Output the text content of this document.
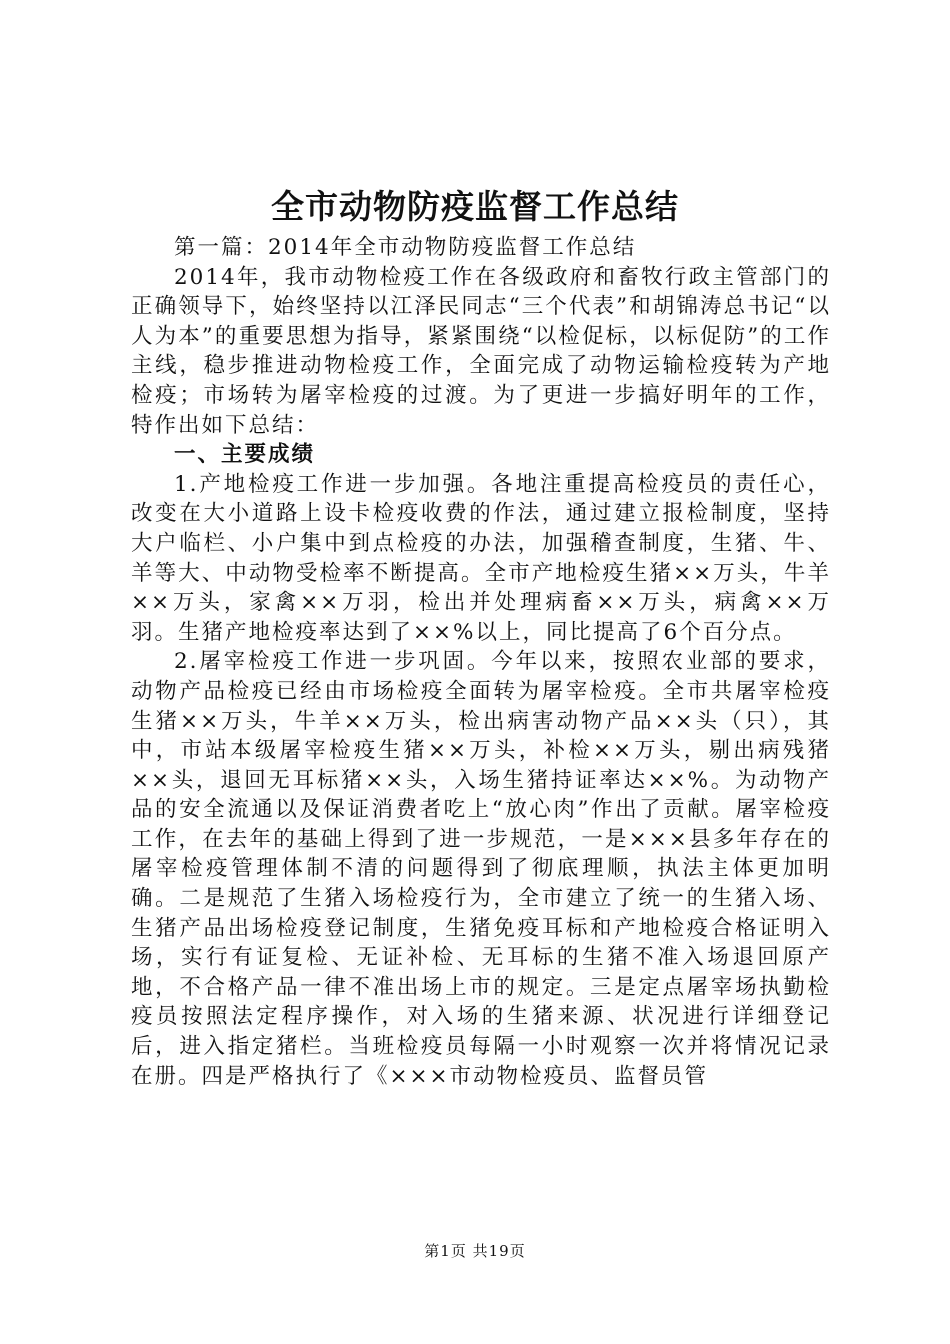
全市动物防疫监督工作总结

第一篇：2014年全市动物防疫监督工作总结

2014年，我市动物检疫工作在各级政府和畜牧行政主管部门的正确领导下，始终坚持以江泽民同志“三个代表”和胡锦涛总书记“以人为本”的重要思想为指导，紧紧围绕“以检促标，以标促防”的工作主线，稳步推进动物检疫工作，全面完成了动物运输检疫转为产地检疫；市场转为屠宰检疫的过渡。为了更进一步搞好明年的工作，特作出如下总结：

一、主要成绩

1.产地检疫工作进一步加强。各地注重提高检疫员的责任心，改变在大小道路上设卡检疫收费的作法，通过建立报检制度，坚持大户临栏、小户集中到点检疫的办法，加强稽查制度，生猪、牛、羊等大、中动物受检率不断提高。全市产地检疫生猪××万头，牛羊××万头，家禽××万羽，检出并处理病畜××万头，病禽××万羽。生猪产地检疫率达到了××%以上，同比提高了6个百分点。

2.屠宰检疫工作进一步巩固。今年以来，按照农业部的要求，动物产品检疫已经由市场检疫全面转为屠宰检疫。全市共屠宰检疫生猪××万头，牛羊××万头，检出病害动物产品××头（只），其中，市站本级屠宰检疫生猪××万头，补检××万头，剔出病残猪××头，退回无耳标猪××头，入场生猪持证率达××%。为动物产品的安全流通以及保证消费者吃上“放心肉”作出了贡献。屠宰检疫工作，在去年的基础上得到了进一步规范，一是×××县多年存在的屠宰检疫管理体制不清的问题得到了彻底理顺，执法主体更加明确。二是规范了生猪入场检疫行为，全市建立了统一的生猪入场、生猪产品出场检疫登记制度，生猪免疫耳标和产地检疫合格证明入场，实行有证复检、无证补检、无耳标的生猪不准入场退回原产地，不合格产品一律不准出场上市的规定。三是定点屠宰场执勤检疫员按照法定程序操作，对入场的生猪来源、状况进行详细登记后，进入指定猪栏。当班检疫员每隔一小时观察一次并将情况记录在册。四是严格执行了《×××市动物检疫员、监督员管

第1页 共19页
